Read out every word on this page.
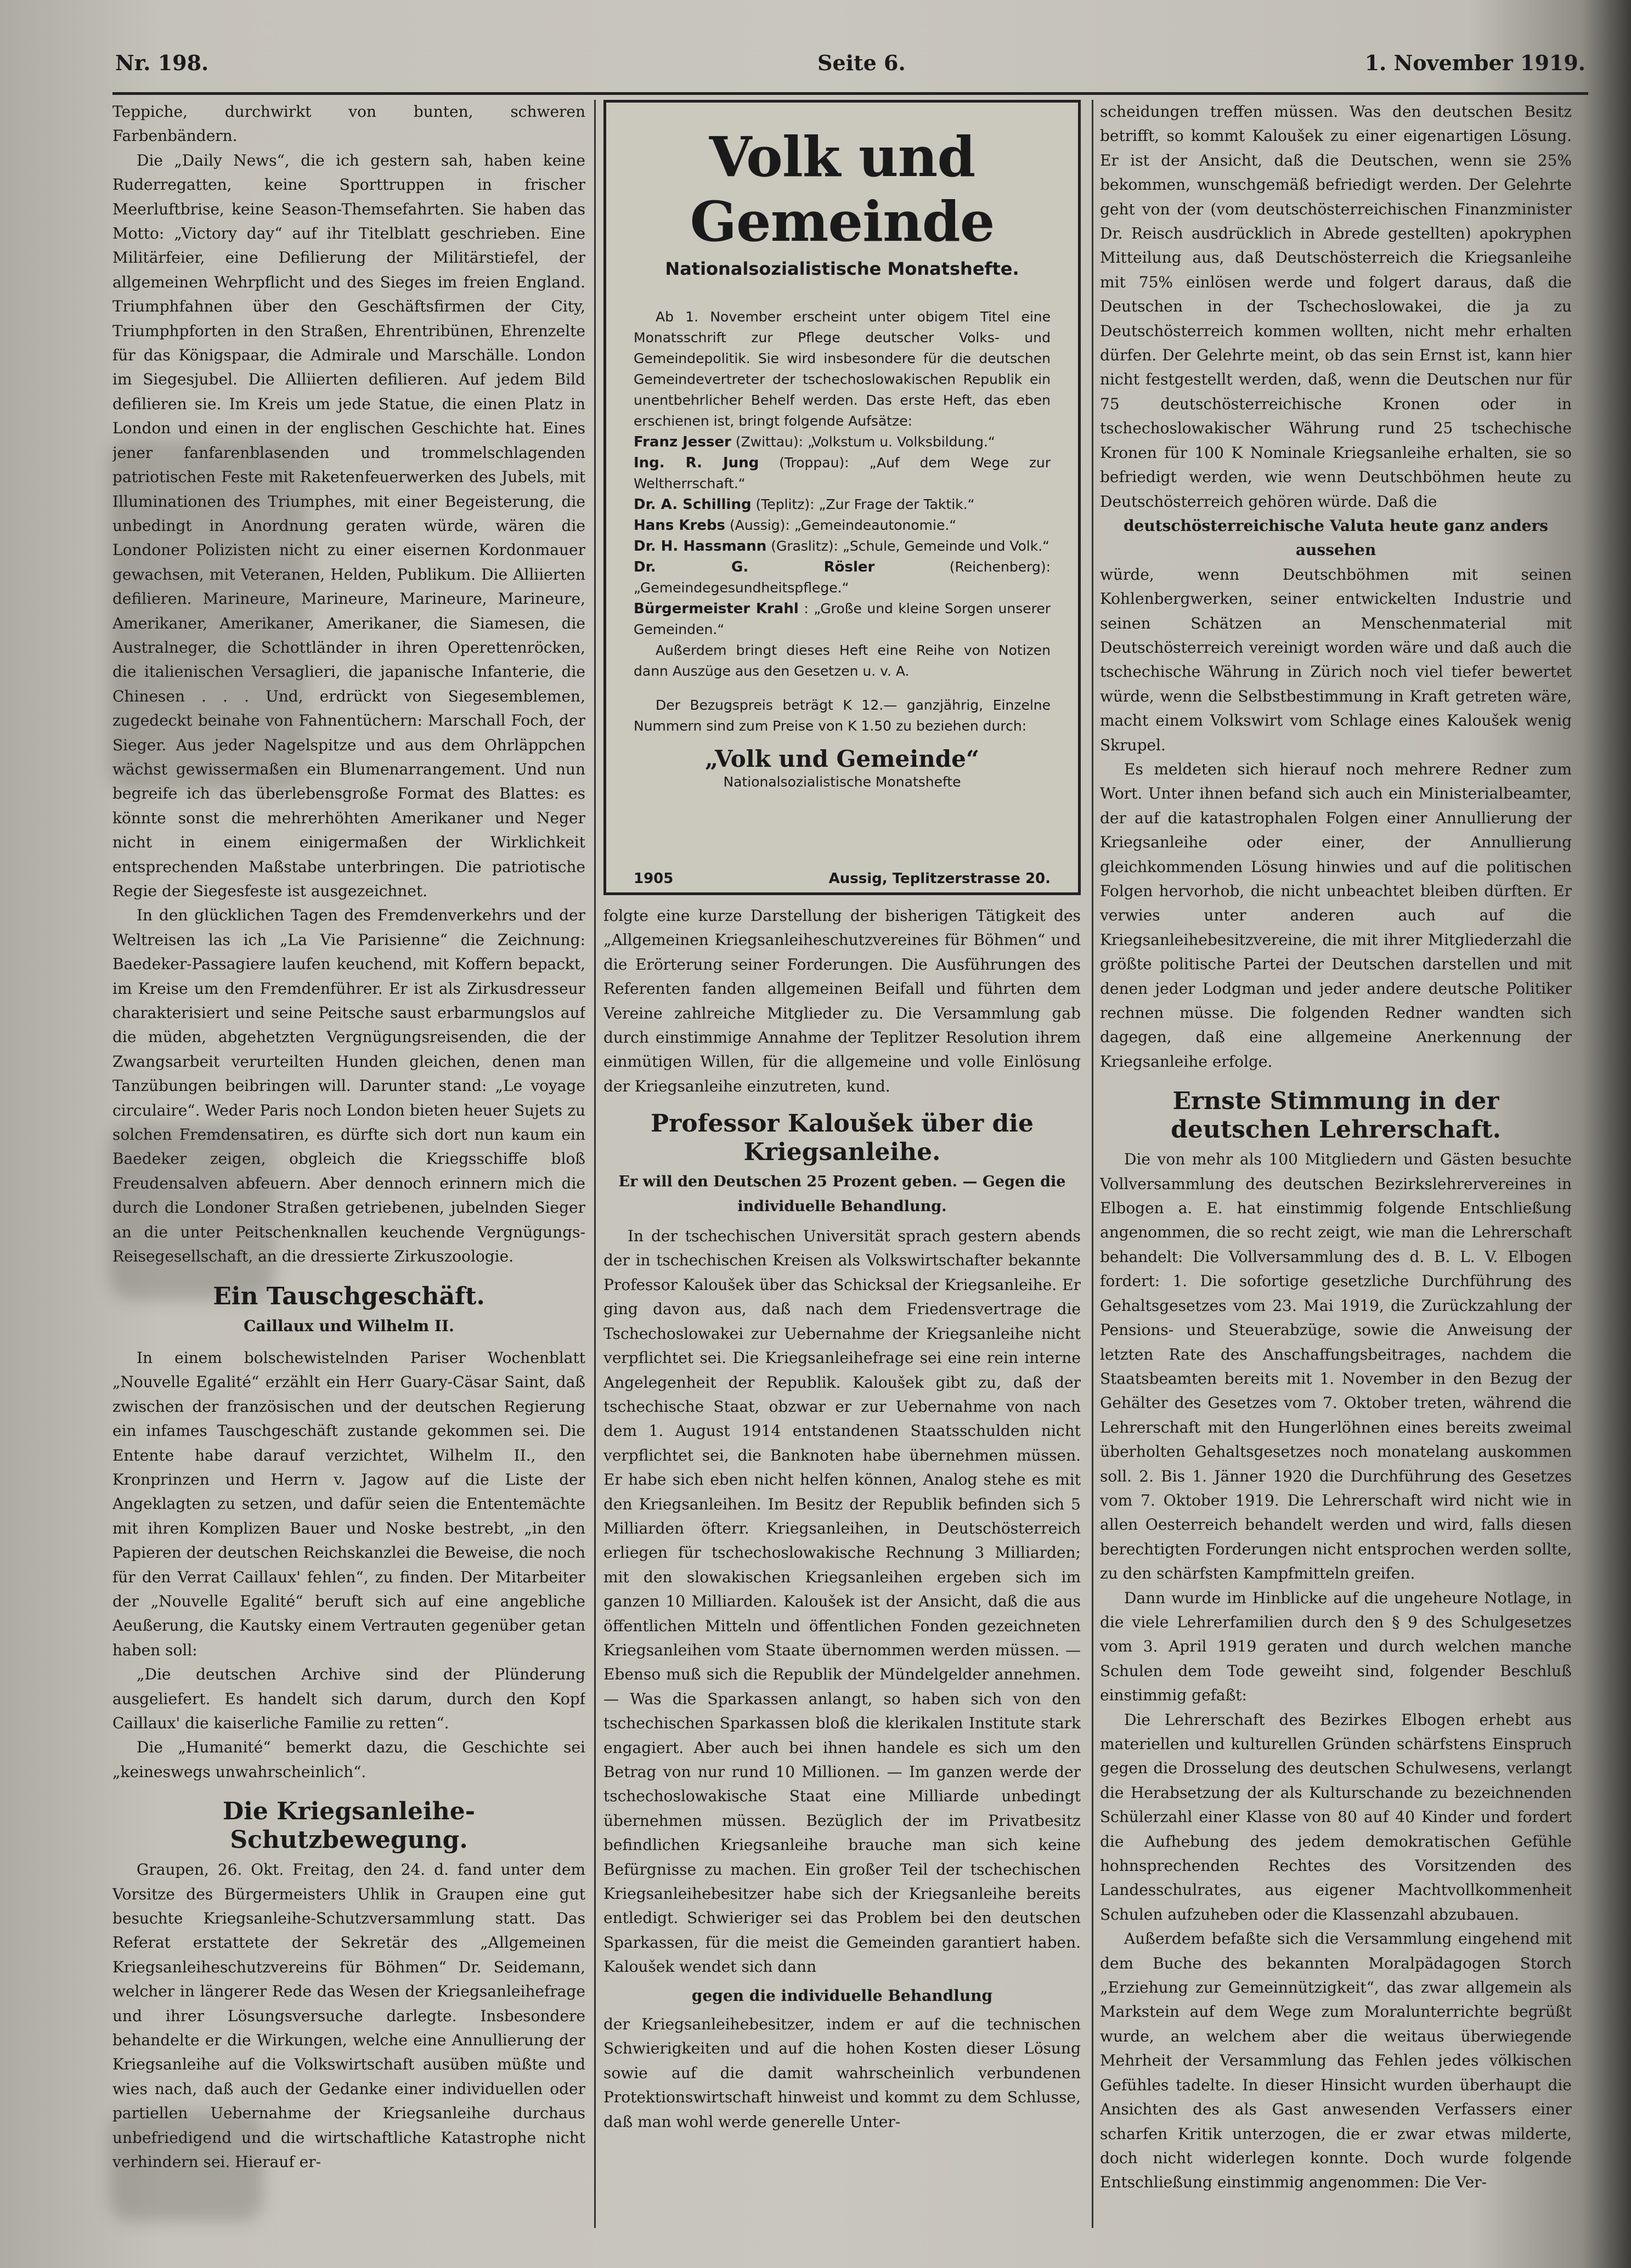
Nr. 198.	Seite 6.	1. November 1919.

Teppiche, durchwirkt von bunten, schweren Farbenbändern.

Die „Daily News“, die ich gestern sah, haben keine Ruderregatten, keine Sporttruppen in frischer Meerluftbrise, keine Season-Themsefahrten. Sie haben das Motto: „Victory day“ auf ihr Titelblatt geschrieben. Eine Militärfeier, eine Defilierung der Militärstiefel, der allgemeinen Wehrpflicht und des Sieges im freien England. Triumphfahnen über den Geschäftsfirmen der City, Triumphpforten in den Straßen, Ehrentribünen, Ehrenzelte für das Königspaar, die Admirale und Marschälle. London im Siegesjubel. Die Alliierten defilieren. Auf jedem Bild defilieren sie. Im Kreis um jede Statue, die einen Platz in London und einen in der englischen Geschichte hat. Eines jener fanfarenblasenden und trommelschlagenden patriotischen Feste mit Raketenfeuerwerken des Jubels, mit Illuminationen des Triumphes, mit einer Begeisterung, die unbedingt in Anordnung geraten würde, wären die Londoner Polizisten nicht zu einer eisernen Kordonmauer gewachsen, mit Veteranen, Helden, Publikum. Die Alliierten defilieren. Marineure, Marineure, Marineure, Marineure, Amerikaner, Amerikaner, Amerikaner, die Siamesen, die Australneger, die Schottländer in ihren Operettenröcken, die italienischen Versaglieri, die japanische Infanterie, die Chinesen . . . Und, erdrückt von Siegesemblemen, zugedeckt beinahe von Fahnentüchern: Marschall Foch, der Sieger. Aus jeder Nagelspitze und aus dem Ohrläppchen wächst gewissermaßen ein Blumenarrangement. Und nun begreife ich das überlebensgroße Format des Blattes: es könnte sonst die mehrerhöhten Amerikaner und Neger nicht in einem einigermaßen der Wirklichkeit entsprechenden Maßstabe unterbringen. Die patriotische Regie der Siegesfeste ist ausgezeichnet.

In den glücklichen Tagen des Fremdenverkehrs und der Weltreisen las ich „La Vie Parisienne“ die Zeichnung: Baedeker-Passagiere laufen keuchend, mit Koffern bepackt, im Kreise um den Fremdenführer. Er ist als Zirkusdresseur charakterisiert und seine Peitsche saust erbarmungslos auf die müden, abgehetzten Vergnügungsreisenden, die der Zwangsarbeit verurteilten Hunden gleichen, denen man Tanzübungen beibringen will. Darunter stand: „Le voyage circulaire“. Weder Paris noch London bieten heuer Sujets zu solchen Fremdensatiren, es dürfte sich dort nun kaum ein Baedeker zeigen, obgleich die Kriegsschiffe bloß Freudensalven abfeuern. Aber dennoch erinnern mich die durch die Londoner Straßen getriebenen, jubelnden Sieger an die unter Peitschenknallen keuchende Vergnügungs-Reisegesellschaft, an die dressierte Zirkuszoologie.

Ein Tauschgeschäft.
Caillaux und Wilhelm II.

In einem bolschewistelnden Pariser Wochenblatt „Nouvelle Egalité“ erzählt ein Herr Guary-Cäsar Saint, daß zwischen der französischen und der deutschen Regierung ein infames Tauschgeschäft zustande gekommen sei. Die Entente habe darauf verzichtet, Wilhelm II., den Kronprinzen und Herrn v. Jagow auf die Liste der Angeklagten zu setzen, und dafür seien die Ententemächte mit ihren Komplizen Bauer und Noske bestrebt, „in den Papieren der deutschen Reichskanzlei die Beweise, die noch für den Verrat Caillaux' fehlen“, zu finden. Der Mitarbeiter der „Nouvelle Egalité“ beruft sich auf eine angebliche Aeußerung, die Kautsky einem Vertrauten gegenüber getan haben soll:

„Die deutschen Archive sind der Plünderung ausgeliefert. Es handelt sich darum, durch den Kopf Caillaux' die kaiserliche Familie zu retten“.

Die „Humanité“ bemerkt dazu, die Geschichte sei „keineswegs unwahrscheinlich“.

Die Kriegsanleihe-Schutzbewegung.

Graupen, 26. Okt. Freitag, den 24. d. fand unter dem Vorsitze des Bürgermeisters Uhlik in Graupen eine gut besuchte Kriegsanleihe-Schutzversammlung statt. Das Referat erstattete der Sekretär des „Allgemeinen Kriegsanleiheschutzvereins für Böhmen“ Dr. Seidemann, welcher in längerer Rede das Wesen der Kriegsanleihefrage und ihrer Lösungsversuche darlegte. Insbesondere behandelte er die Wirkungen, welche eine Annullierung der Kriegsanleihe auf die Volkswirtschaft ausüben müßte und wies nach, daß auch der Gedanke einer individuellen oder partiellen Uebernahme der Kriegsanleihe durchaus unbefriedigend und die wirtschaftliche Katastrophe nicht verhindern sei. Hierauf er-

Volk und Gemeinde
Nationalsozialistische Monatshefte.

Ab 1. November erscheint unter obigem Titel eine Monatsschrift zur Pflege deutscher Volks- und Gemeindepolitik. Sie wird insbesondere für die deutschen Gemeindevertreter der tschechoslowakischen Republik ein unentbehrlicher Behelf werden. Das erste Heft, das eben erschienen ist, bringt folgende Aufsätze:

Franz Jesser (Zwittau): „Volkstum u. Volksbildung.“
Ing. R. Jung (Troppau): „Auf dem Wege zur Weltherrschaft.“
Dr. A. Schilling (Teplitz): „Zur Frage der Taktik.“
Hans Krebs (Aussig): „Gemeindeautonomie.“
Dr. H. Hassmann (Graslitz): „Schule, Gemeinde und Volk.“
Dr. G. Rösler	(Reichenberg): „Gemeindegesundheitspflege.“
Bürgermeister Krahl : „Große und kleine Sorgen unserer Gemeinden.“

Außerdem bringt dieses Heft eine Reihe von Notizen dann Auszüge aus den Gesetzen u. v. A.

Der Bezugspreis beträgt K 12.— ganzjährig, Einzelne Nummern sind zum Preise von K 1.50 zu beziehen durch:

„Volk und Gemeinde“
Nationalsozialistische Monatshefte
1905	Aussig, Teplitzerstrasse 20.

folgte eine kurze Darstellung der bisherigen Tätigkeit des „Allgemeinen Kriegsanleiheschutzvereines für Böhmen“ und die Erörterung seiner Forderungen. Die Ausführungen des Referenten fanden allgemeinen Beifall und führten dem Vereine zahlreiche Mitglieder zu. Die Versammlung gab durch einstimmige Annahme der Teplitzer Resolution ihrem einmütigen Willen, für die allgemeine und volle Einlösung der Kriegsanleihe einzutreten, kund.

Professor Kaloušek über die Kriegsanleihe.
Er will den Deutschen 25 Prozent geben. — Gegen die individuelle Behandlung.

In der tschechischen Universität sprach gestern abends der in tschechischen Kreisen als Volkswirtschafter bekannte Professor Kaloušek über das Schicksal der Kriegsanleihe. Er ging davon aus, daß nach dem Friedensvertrage die Tschechoslowakei zur Uebernahme der Kriegsanleihe nicht verpflichtet sei. Die Kriegsanleihefrage sei eine rein interne Angelegenheit der Republik. Kaloušek gibt zu, daß der tschechische Staat, obzwar er zur Uebernahme von nach dem 1. August 1914 entstandenen Staatsschulden nicht verpflichtet sei, die Banknoten habe übernehmen müssen. Er habe sich eben nicht helfen können, Analog stehe es mit den Kriegsanleihen. Im Besitz der Republik befinden sich 5 Milliarden öfterr. Kriegsanleihen, in Deutschösterreich erliegen für tschechoslowakische Rechnung 3 Milliarden; mit den slowakischen Kriegsanleihen ergeben sich im ganzen 10 Milliarden. Kaloušek ist der Ansicht, daß die aus öffentlichen Mitteln und öffentlichen Fonden gezeichneten Kriegsanleihen vom Staate übernommen werden müssen. — Ebenso muß sich die Republik der Mündelgelder annehmen. — Was die Sparkassen anlangt, so haben sich von den tschechischen Sparkassen bloß die klerikalen Institute stark engagiert. Aber auch bei ihnen handele es sich um den Betrag von nur rund 10 Millionen. — Im ganzen werde der tschechoslowakische Staat eine Milliarde unbedingt übernehmen müssen. Bezüglich der im Privatbesitz befindlichen Kriegsanleihe brauche man sich keine Befürgnisse zu machen. Ein großer Teil der tschechischen Kriegsanleihebesitzer habe sich der Kriegsanleihe bereits entledigt. Schwieriger sei das Problem bei den deutschen Sparkassen, für die meist die Gemeinden garantiert haben. Kaloušek wendet sich dann

gegen die individuelle Behandlung

der Kriegsanleihebesitzer, indem er auf die technischen Schwierigkeiten und auf die hohen Kosten dieser Lösung sowie auf die damit wahrscheinlich verbundenen Protektionswirtschaft hinweist und kommt zu dem Schlusse, daß man wohl werde generelle Unter-

scheidungen treffen müssen. Was den deutschen Besitz betrifft, so kommt Kaloušek zu einer eigenartigen Lösung. Er ist der Ansicht, daß die Deutschen, wenn sie 25% bekommen, wunschgemäß befriedigt werden. Der Gelehrte geht von der (vom deutschösterreichischen Finanzminister Dr. Reisch ausdrücklich in Abrede gestellten) apokryphen Mitteilung aus, daß Deutschösterreich die Kriegsanleihe mit 75% einlösen werde und folgert daraus, daß die Deutschen in der Tschechoslowakei, die ja zu Deutschösterreich kommen wollten, nicht mehr erhalten dürfen. Der Gelehrte meint, ob das sein Ernst ist, kann hier nicht festgestellt werden, daß, wenn die Deutschen nur für 75 deutschösterreichische Kronen oder in tschechoslowakischer Währung rund 25 tschechische Kronen für 100 K Nominale Kriegsanleihe erhalten, sie so befriedigt werden, wie wenn Deutschböhmen heute zu Deutschösterreich gehören würde. Daß die

deutschösterreichische Valuta heute ganz anders aussehen

würde, wenn Deutschböhmen mit seinen Kohlenbergwerken, seiner entwickelten Industrie und seinen Schätzen an Menschenmaterial mit Deutschösterreich vereinigt worden wäre und daß auch die tschechische Währung in Zürich noch viel tiefer bewertet würde, wenn die Selbstbestimmung in Kraft getreten wäre, macht einem Volkswirt vom Schlage eines Kaloušek wenig Skrupel.

Es meldeten sich hierauf noch mehrere Redner zum Wort. Unter ihnen befand sich auch ein Ministerialbeamter, der auf die katastrophalen Folgen einer Annullierung der Kriegsanleihe oder einer, der Annullierung gleichkommenden Lösung hinwies und auf die politischen Folgen hervorhob, die nicht unbeachtet bleiben dürften. Er verwies unter anderen auch auf die Kriegsanleihebesitzvereine, die mit ihrer Mitgliederzahl die größte politische Partei der Deutschen darstellen und mit denen jeder Lodgman und jeder andere deutsche Politiker rechnen müsse. Die folgenden Redner wandten sich dagegen, daß eine allgemeine Anerkennung der Kriegsanleihe erfolge.

Ernste Stimmung in der deutschen Lehrerschaft.

Die von mehr als 100 Mitgliedern und Gästen besuchte Vollversammlung des deutschen Bezirkslehrervereines in Elbogen a. E. hat einstimmig folgende Entschließung angenommen, die so recht zeigt, wie man die Lehrerschaft behandelt: Die Vollversammlung des d. B. L. V. Elbogen fordert: 1. Die sofortige gesetzliche Durchführung des Gehaltsgesetzes vom 23. Mai 1919, die Zurückzahlung der Pensions- und Steuerabzüge, sowie die Anweisung der letzten Rate des Anschaffungsbeitrages, nachdem die Staatsbeamten bereits mit 1. November in den Bezug der Gehälter des Gesetzes vom 7. Oktober treten, während die Lehrerschaft mit den Hungerlöhnen eines bereits zweimal überholten Gehaltsgesetzes noch monatelang auskommen soll. 2. Bis 1. Jänner 1920 die Durchführung des Gesetzes vom 7. Oktober 1919. Die Lehrerschaft wird nicht wie in allen Oesterreich behandelt werden und wird, falls diesen berechtigten Forderungen nicht entsprochen werden sollte, zu den schärfsten Kampfmitteln greifen.

Dann wurde im Hinblicke auf die ungeheure Notlage, in die viele Lehrerfamilien durch den § 9 des Schulgesetzes vom 3. April 1919 geraten und durch welchen manche Schulen dem Tode geweiht sind, folgender Beschluß einstimmig gefaßt:

Die Lehrerschaft des Bezirkes Elbogen erhebt aus materiellen und kulturellen Gründen schärfstens Einspruch gegen die Drosselung des deutschen Schulwesens, verlangt die Herabsetzung der als Kulturschande zu bezeichnenden Schülerzahl einer Klasse von 80 auf 40 Kinder und fordert die Aufhebung des jedem demokratischen Gefühle hohnsprechenden Rechtes des Vorsitzenden des Landesschulrates, aus eigener Machtvollkommenheit Schulen aufzuheben oder die Klassenzahl abzubauen.

Außerdem befaßte sich die Versammlung eingehend mit dem Buche des bekannten Moralpädagogen Storch „Erziehung zur Gemeinnützigkeit“, das zwar allgemein als Markstein auf dem Wege zum Moralunterrichte begrüßt wurde, an welchem aber die weitaus überwiegende Mehrheit der Versammlung das Fehlen jedes völkischen Gefühles tadelte. In dieser Hinsicht wurden überhaupt die Ansichten des als Gast anwesenden Verfassers einer scharfen Kritik unterzogen, die er zwar etwas milderte, doch nicht widerlegen konnte. Doch wurde folgende Entschließung einstimmig angenommen: Die Ver-
